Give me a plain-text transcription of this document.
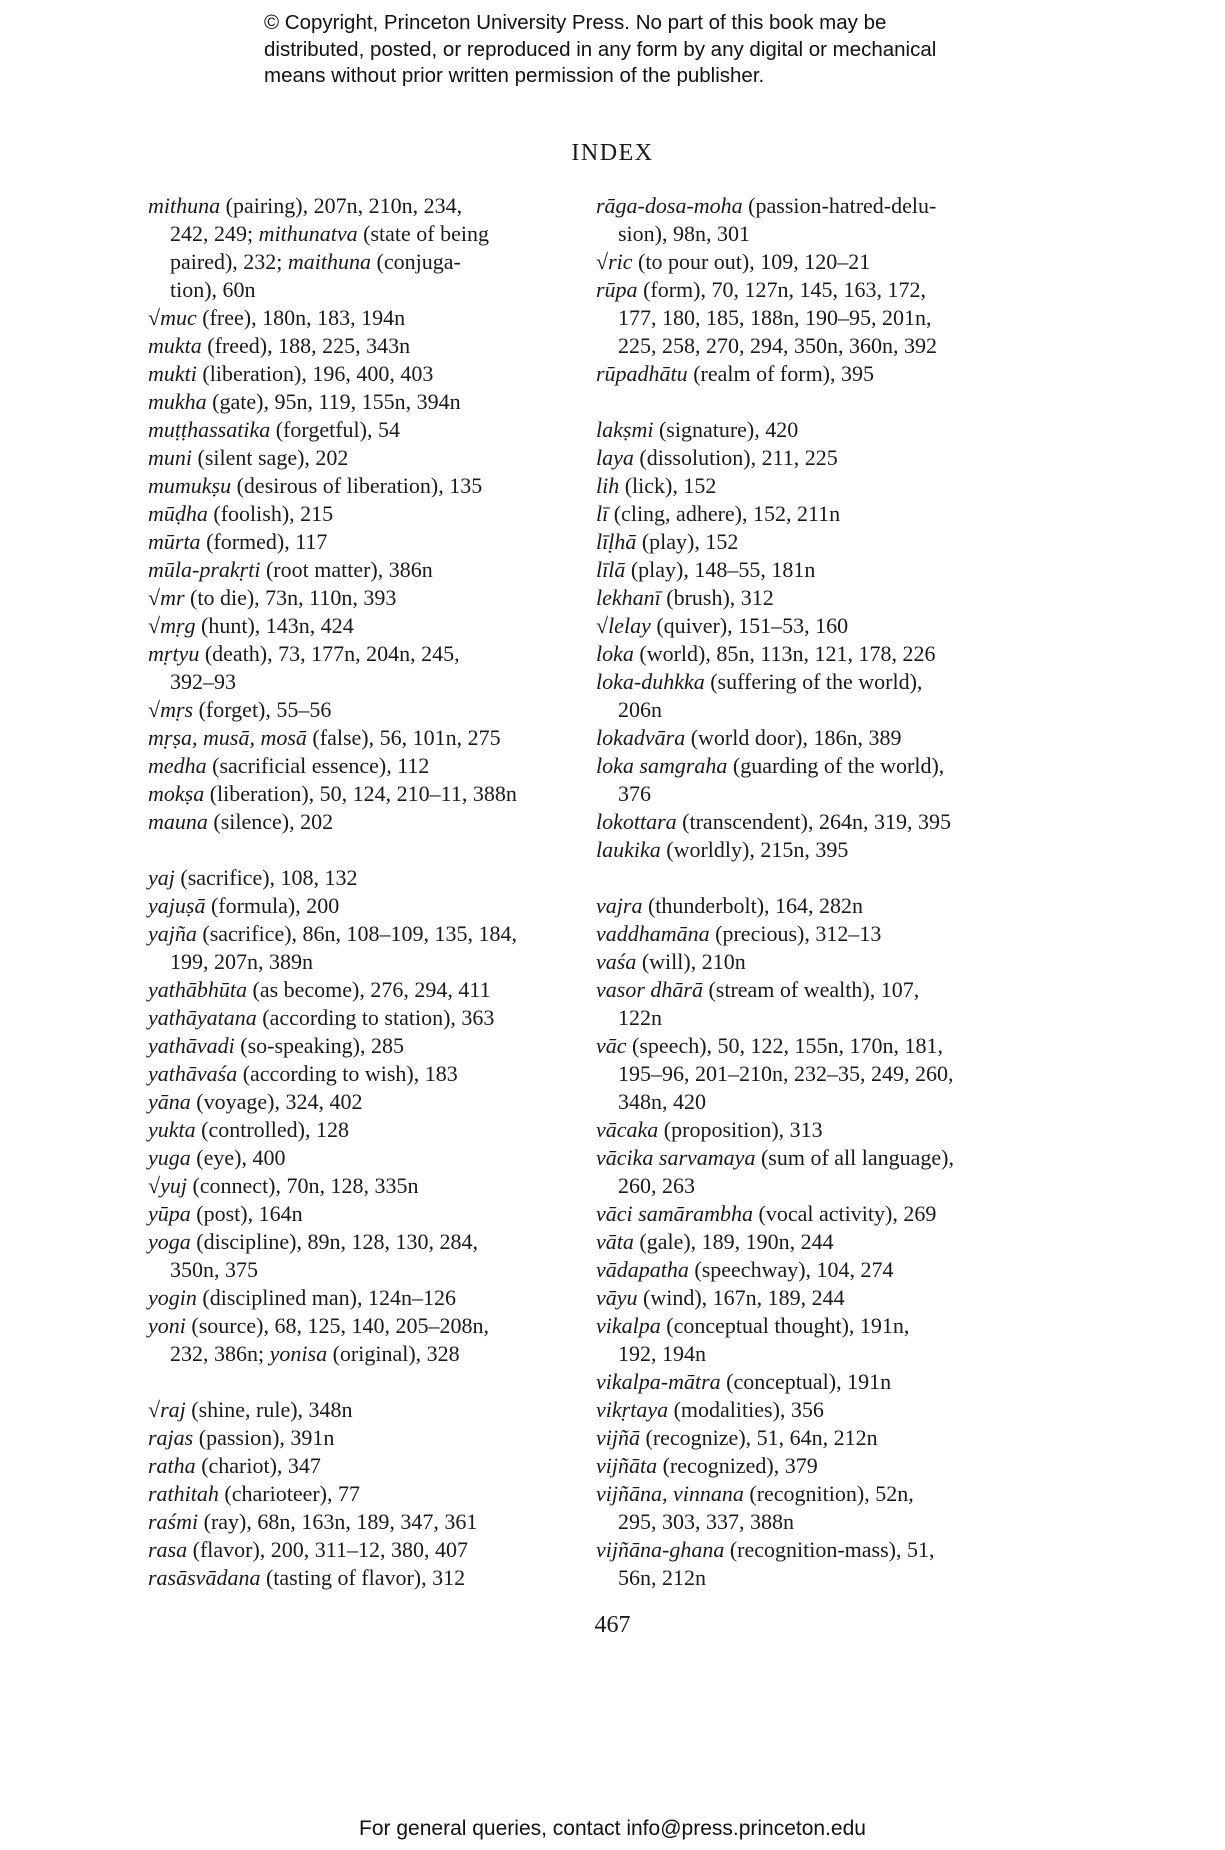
© Copyright, Princeton University Press. No part of this book may be
distributed, posted, or reproduced in any form by any digital or mechanical
means without prior written permission of the publisher.
INDEX
mithuna (pairing), 207n, 210n, 234,
242, 249; mithunatva (state of being
paired), 232; maithuna (conjuga-
tion), 60n
√muc (free), 180n, 183, 194n
mukta (freed), 188, 225, 343n
mukti (liberation), 196, 400, 403
mukha (gate), 95n, 119, 155n, 394n
muṭṭhassatika (forgetful), 54
muni (silent sage), 202
mumukṣu (desirous of liberation), 135
mūḍha (foolish), 215
mūrta (formed), 117
mūla-prakṛti (root matter), 386n
√mr (to die), 73n, 110n, 393
√mṛg (hunt), 143n, 424
mṛtyu (death), 73, 177n, 204n, 245,
392–93
√mṛs (forget), 55–56
mṛṣa, musā, mosā (false), 56, 101n, 275
medha (sacrificial essence), 112
mokṣa (liberation), 50, 124, 210–11, 388n
mauna (silence), 202
yaj (sacrifice), 108, 132
yajuṣā (formula), 200
yajña (sacrifice), 86n, 108–109, 135, 184,
199, 207n, 389n
yathābhūta (as become), 276, 294, 411
yathāyatana (according to station), 363
yathāvadi (so-speaking), 285
yathāvaśa (according to wish), 183
yāna (voyage), 324, 402
yukta (controlled), 128
yuga (eye), 400
√yuj (connect), 70n, 128, 335n
yūpa (post), 164n
yoga (discipline), 89n, 128, 130, 284,
350n, 375
yogin (disciplined man), 124n–126
yoni (source), 68, 125, 140, 205–208n,
232, 386n; yonisa (original), 328
√raj (shine, rule), 348n
rajas (passion), 391n
ratha (chariot), 347
rathitah (charioteer), 77
raśmi (ray), 68n, 163n, 189, 347, 361
rasa (flavor), 200, 311–12, 380, 407
rasāsvādana (tasting of flavor), 312
rāga-dosa-moha (passion-hatred-delu-
sion), 98n, 301
√ric (to pour out), 109, 120–21
rūpa (form), 70, 127n, 145, 163, 172,
177, 180, 185, 188n, 190–95, 201n,
225, 258, 270, 294, 350n, 360n, 392
rūpadhātu (realm of form), 395
lakṣmi (signature), 420
laya (dissolution), 211, 225
lih (lick), 152
lī (cling, adhere), 152, 211n
līḷhā (play), 152
līlā (play), 148–55, 181n
lekhanī (brush), 312
√lelay (quiver), 151–53, 160
loka (world), 85n, 113n, 121, 178, 226
loka-duhkka (suffering of the world),
206n
lokadvāra (world door), 186n, 389
loka samgraha (guarding of the world),
376
lokottara (transcendent), 264n, 319, 395
laukika (worldly), 215n, 395
vajra (thunderbolt), 164, 282n
vaddhamāna (precious), 312–13
vaśa (will), 210n
vasor dhārā (stream of wealth), 107,
122n
vāc (speech), 50, 122, 155n, 170n, 181,
195–96, 201–210n, 232–35, 249, 260,
348n, 420
vācaka (proposition), 313
vācika sarvamaya (sum of all language),
260, 263
vāci samārambha (vocal activity), 269
vāta (gale), 189, 190n, 244
vādapatha (speechway), 104, 274
vāyu (wind), 167n, 189, 244
vikalpa (conceptual thought), 191n,
192, 194n
vikalpa-mātra (conceptual), 191n
vikṛtaya (modalities), 356
vijñā (recognize), 51, 64n, 212n
vijñāta (recognized), 379
vijñāna, vinnana (recognition), 52n,
295, 303, 337, 388n
vijñāna-ghana (recognition-mass), 51,
56n, 212n
467
For general queries, contact info@press.princeton.edu
